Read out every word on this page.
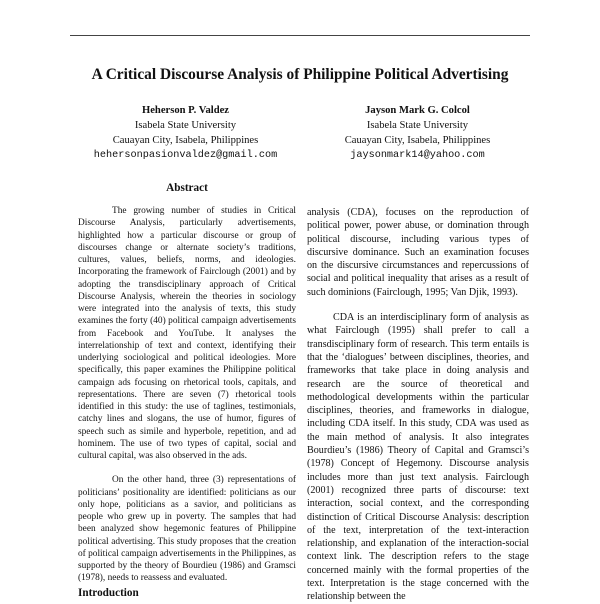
A Critical Discourse Analysis of Philippine Political Advertising
Heherson P. Valdez
Isabela State University
Cauayan City, Isabela, Philippines
hehersonpasionvaldez@gmail.com
Jayson Mark G. Colcol
Isabela State University
Cauayan City, Isabela, Philippines
jaysonmark14@yahoo.com
Abstract

The growing number of studies in Critical Discourse Analysis, particularly advertisements, highlighted how a particular discourse or group of discourses change or alternate society’s traditions, cultures, values, beliefs, norms, and ideologies. Incorporating the framework of Fairclough (2001) and by adopting the transdisciplinary approach of Critical Discourse Analysis, wherein the theories in sociology were integrated into the analysis of texts, this study examines the forty (40) political campaign advertisements from Facebook and YouTube. It analyses the interrelationship of text and context, identifying their underlying sociological and political ideologies. More specifically, this paper examines the Philippine political campaign ads focusing on rhetorical tools, capitals, and representations. There are seven (7) rhetorical tools identified in this study: the use of taglines, testimonials, catchy lines and slogans, the use of humor, figures of speech such as simile and hyperbole, repetition, and ad hominem. The use of two types of capital, social and cultural capital, was also observed in the ads.

On the other hand, three (3) representations of politicians’ positionality are identified: politicians as our only hope, politicians as a savior, and politicians as people who grew up in poverty. The samples that had been analyzed show hegemonic features of Philippine political advertising. This study proposes that the creation of political campaign advertisements in the Philippines, as supported by the theory of Bourdieu (1986) and Gramsci (1978), needs to reassess and evaluated.

Introduction

analysis (CDA), focuses on the reproduction of political power, power abuse, or domination through political discourse, including various types of discursive dominance. Such an examination focuses on the discursive circumstances and repercussions of social and political inequality that arises as a result of such dominions (Fairclough, 1995; Van Djik, 1993).

CDA is an interdisciplinary form of analysis as what Fairclough (1995) shall prefer to call a transdisciplinary form of research. This term entails is that the ‘dialogues’ between disciplines, theories, and frameworks that take place in doing analysis and research are the source of theoretical and methodological developments within the particular disciplines, theories, and frameworks in dialogue, including CDA itself. In this study, CDA was used as the main method of analysis. It also integrates Bourdieu’s (1986) Theory of Capital and Gramsci’s (1978) Concept of Hegemony. Discourse analysis includes more than just text analysis. Fairclough (2001) recognized three parts of discourse: text interaction, social context, and the corresponding distinction of Critical Discourse Analysis: description of the text, interpretation of the text-interaction relationship, and explanation of the interaction-social context link. The description refers to the stage concerned mainly with the formal properties of the text. Interpretation is the stage concerned with the relationship between the
